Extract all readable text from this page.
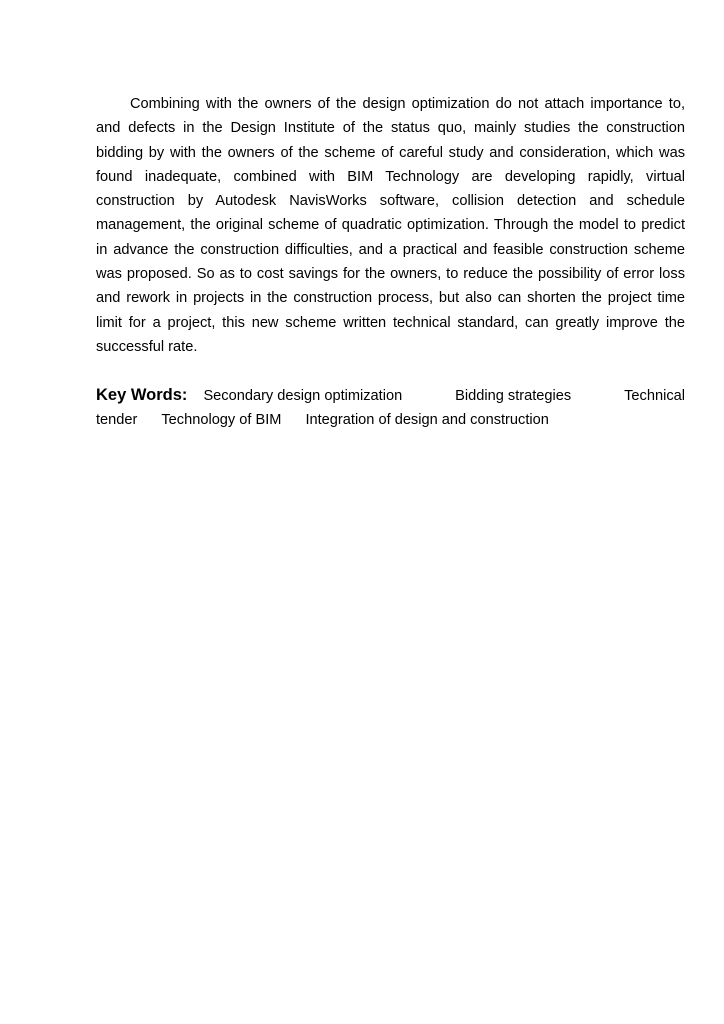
Combining with the owners of the design optimization do not attach importance to, and defects in the Design Institute of the status quo, mainly studies the construction bidding by with the owners of the scheme of careful study and consideration, which was found inadequate, combined with BIM Technology are developing rapidly, virtual construction by Autodesk NavisWorks software, collision detection and schedule management, the original scheme of quadratic optimization. Through the model to predict in advance the construction difficulties, and a practical and feasible construction scheme was proposed. So as to cost savings for the owners, to reduce the possibility of error loss and rework in projects in the construction process, but also can shorten the project time limit for a project, this new scheme written technical standard, can greatly improve the successful rate.

Key Words: Secondary design optimization	Bidding strategies	Technical
tender Technology of BIM Integration of design and construction
